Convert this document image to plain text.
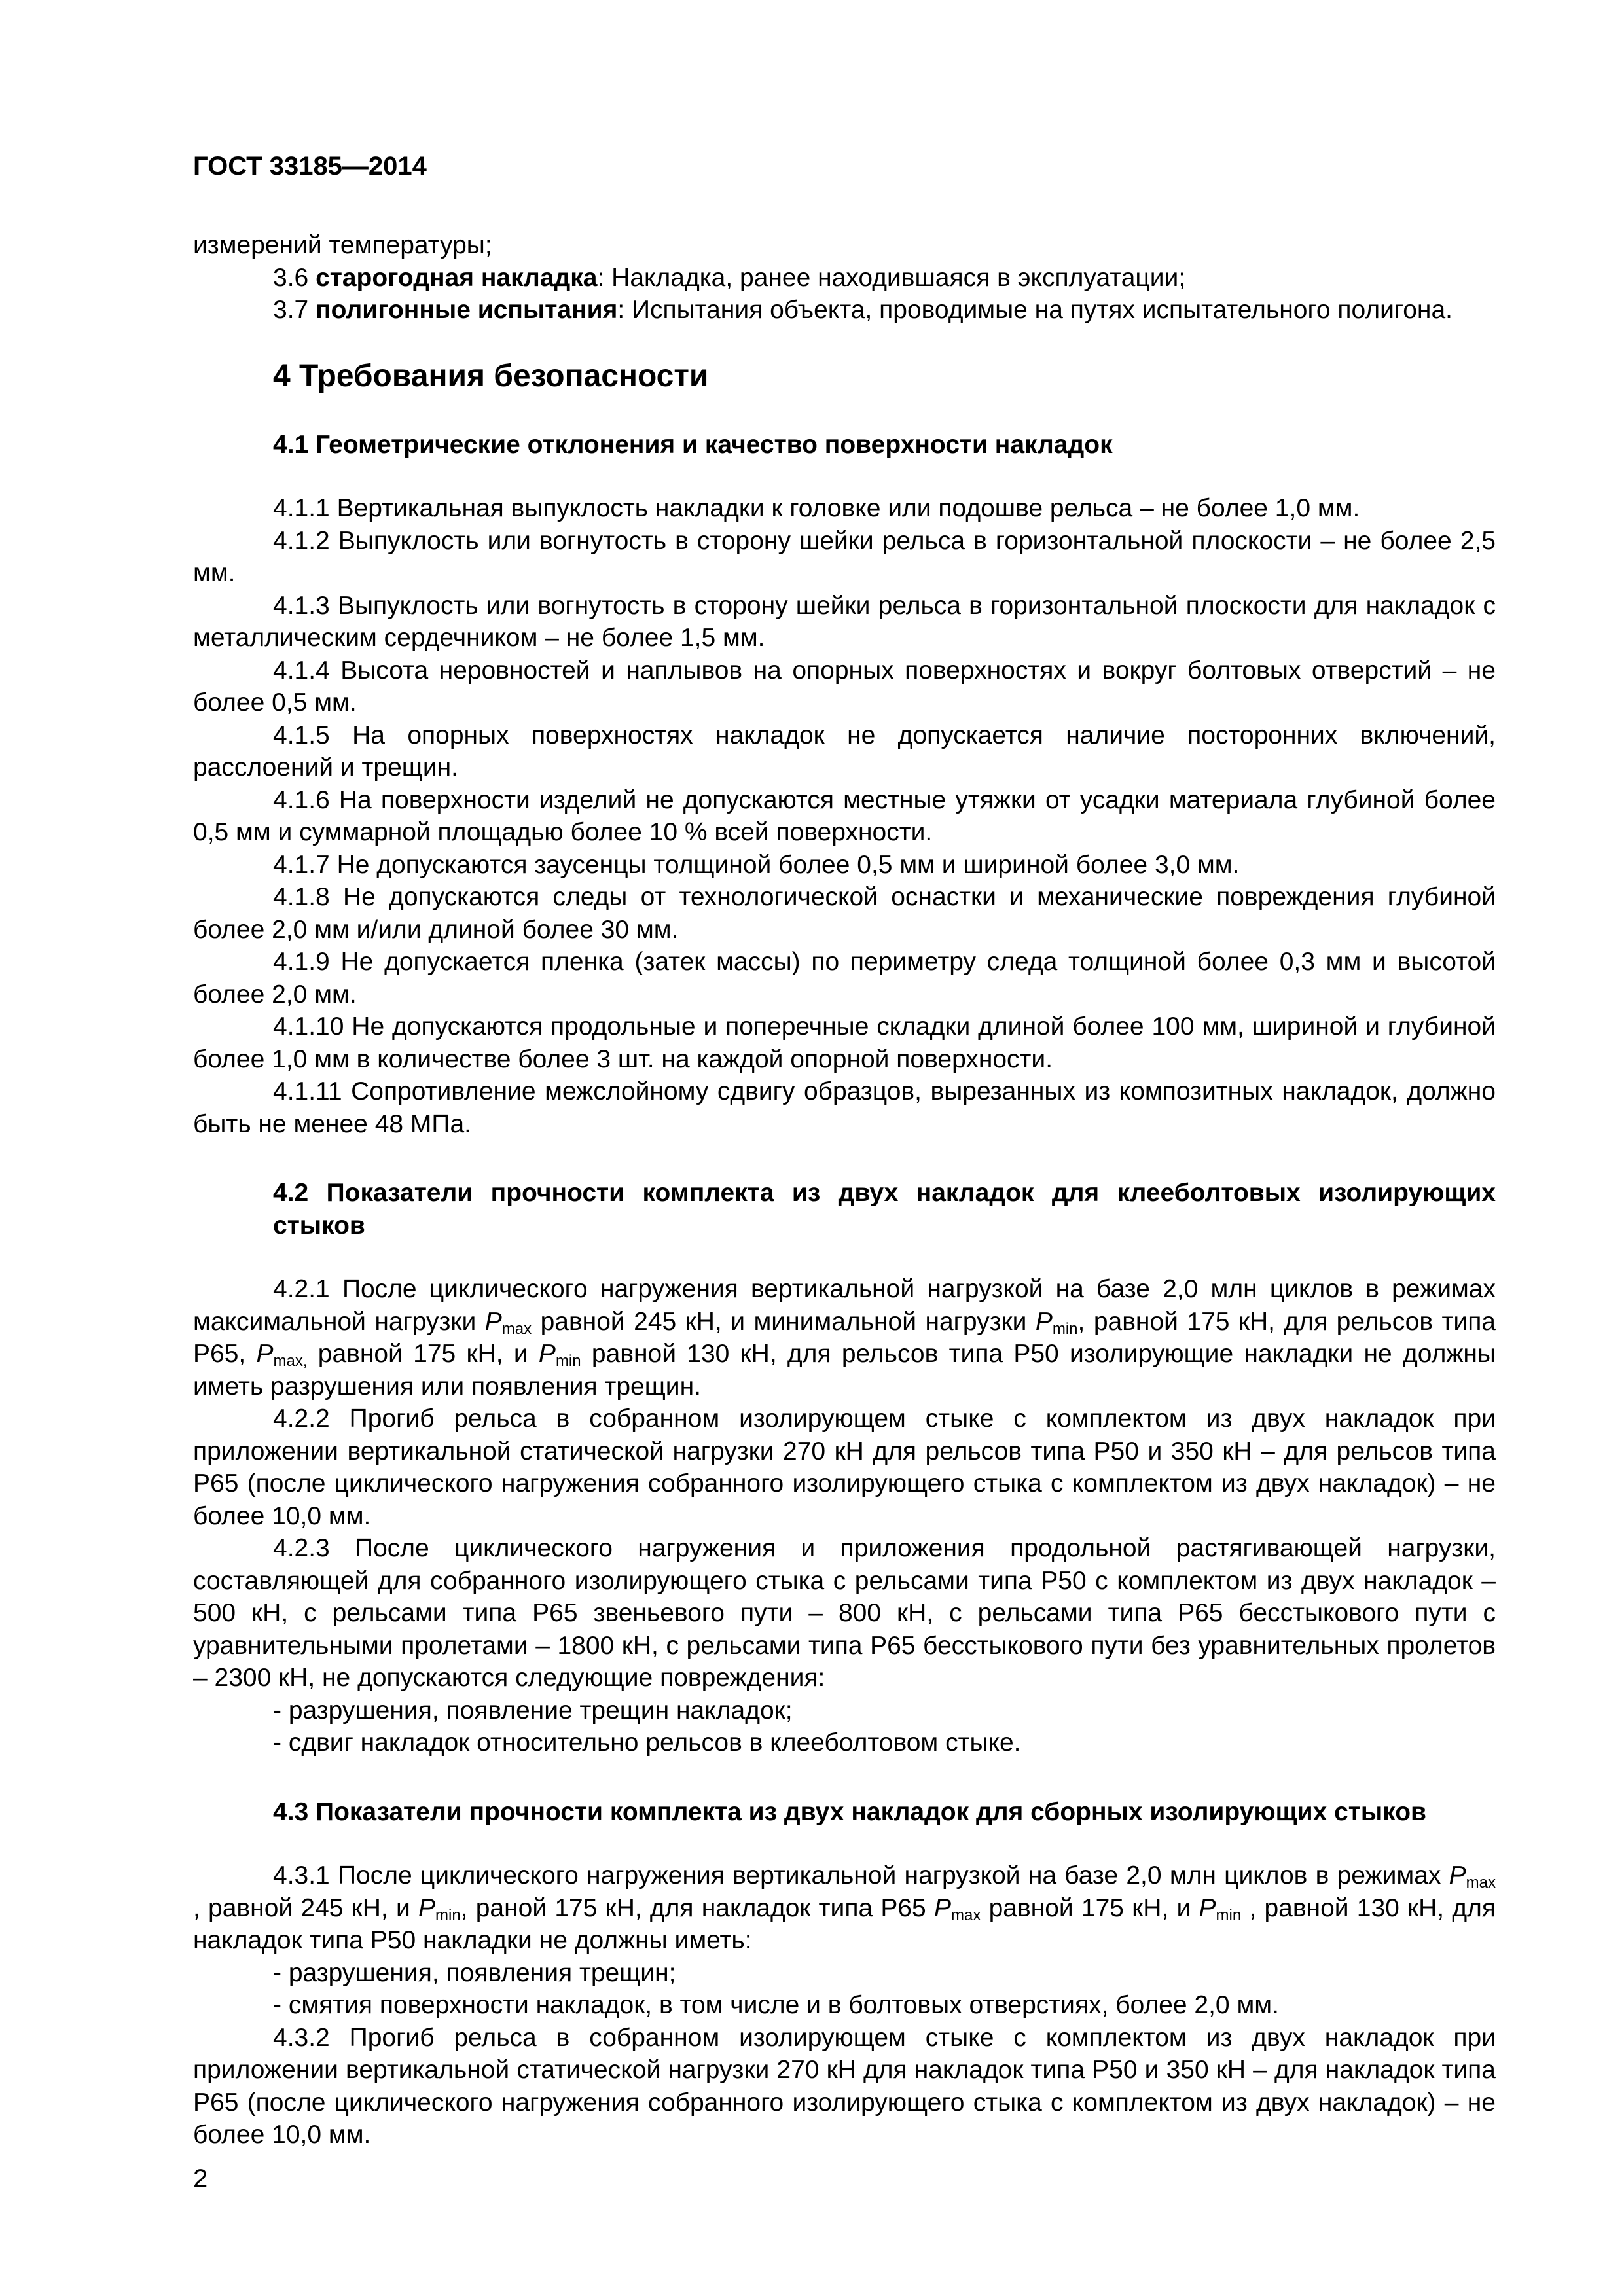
ГОСТ 33185—2014

измерений температуры;

3.6 старогодная накладка: Накладка, ранее находившаяся в эксплуатации;

3.7 полигонные испытания: Испытания объекта, проводимые на путях испытательного полигона.

4 Требования безопасности
4.1 Геометрические отклонения и качество поверхности накладок

4.1.1 Вертикальная выпуклость накладки к головке или подошве рельса – не более 1,0 мм.

4.1.2 Выпуклость или вогнутость в сторону шейки рельса в горизонтальной плоскости – не более 2,5 мм.

4.1.3 Выпуклость или вогнутость в сторону шейки рельса в горизонтальной плоскости для накладок с металлическим сердечником – не более 1,5 мм.

4.1.4 Высота неровностей и наплывов на опорных поверхностях и вокруг болтовых отверстий – не более 0,5 мм.

4.1.5 На опорных поверхностях накладок не допускается наличие посторонних включений, расслоений и трещин.

4.1.6 На поверхности изделий не допускаются местные утяжки от усадки материала глубиной более 0,5 мм и суммарной площадью более 10 % всей поверхности.

4.1.7 Не допускаются заусенцы толщиной более 0,5 мм и шириной более 3,0 мм.

4.1.8 Не допускаются следы от технологической оснастки и механические повреждения глубиной более 2,0 мм и/или длиной более 30 мм.

4.1.9 Не допускается пленка (затек массы) по периметру следа толщиной более 0,3 мм и высотой более 2,0 мм.

4.1.10 Не допускаются продольные и поперечные складки длиной более 100 мм, шириной и глубиной более 1,0 мм в количестве более 3 шт. на каждой опорной поверхности.

4.1.11 Сопротивление межслойному сдвигу образцов, вырезанных из композитных накладок, должно быть не менее 48 МПа.

4.2 Показатели прочности комплекта из двух накладок для клееболтовых изолирующих стыков

4.2.1 После циклического нагружения вертикальной нагрузкой на базе 2,0 млн циклов в режимах максимальной нагрузки $P_{max}$ равной 245 кН, и минимальной нагрузки $P_{min}$, равной 175 кН, для рельсов типа Р65, $P_{max,}$ равной 175 кН, и $P_{min}$ равной 130 кН, для рельсов типа Р50 изолирующие накладки не должны иметь разрушения или появления трещин.

4.2.2 Прогиб рельса в собранном изолирующем стыке с комплектом из двух накладок при приложении вертикальной статической нагрузки 270 кН для рельсов типа Р50 и 350 кН – для рельсов типа Р65 (после циклического нагружения собранного изолирующего стыка с комплектом из двух накладок) – не более 10,0 мм.

4.2.3 После циклического нагружения и приложения продольной растягивающей нагрузки, составляющей для собранного изолирующего стыка с рельсами типа Р50 с комплектом из двух накладок – 500 кН, с рельсами типа Р65 звеньевого пути – 800 кН, с рельсами типа Р65 бесстыкового пути с уравнительными пролетами – 1800 кН, с рельсами типа Р65 бесстыкового пути без уравнительных пролетов – 2300 кН, не допускаются следующие повреждения:

- разрушения, появление трещин накладок;

- сдвиг накладок относительно рельсов в клееболтовом стыке.

4.3 Показатели прочности комплекта из двух накладок для сборных изолирующих стыков

4.3.1 После циклического нагружения вертикальной нагрузкой на базе 2,0 млн циклов в режимах $P_{max}$ , равной 245 кН, и $P_{min}$, раной 175 кН, для накладок типа Р65 $P_{max}$ равной 175 кН, и $P_{min}$ , равной 130 кН, для накладок типа Р50 накладки не должны иметь:

- разрушения, появления трещин;

- смятия поверхности накладок, в том числе и в болтовых отверстиях, более 2,0 мм.

4.3.2 Прогиб рельса в собранном изолирующем стыке с комплектом из двух накладок при приложении вертикальной статической нагрузки 270 кН для накладок типа Р50 и 350 кН – для накладок типа Р65 (после циклического нагружения собранного изолирующего стыка с комплектом из двух накладок) – не более 10,0 мм.

2
